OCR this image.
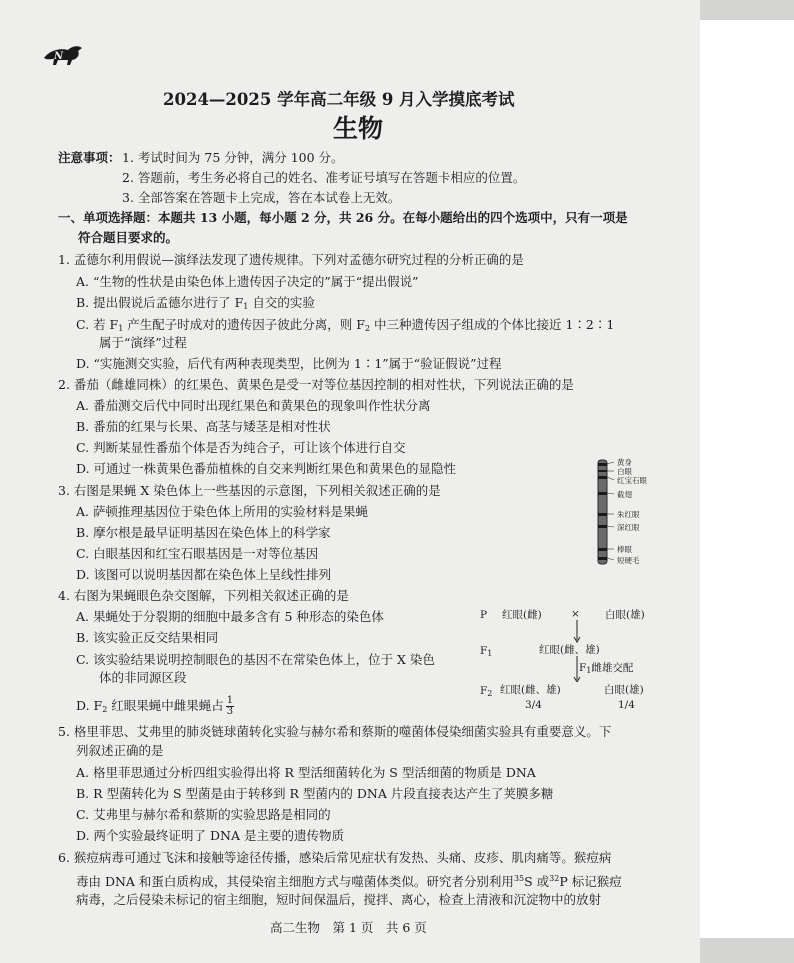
N
2024—2025 学年高二年级 9 月入学摸底考试
生物
注意事项： 1. 考试时间为 75 分钟，满分 100 分。
2. 答题前，考生务必将自己的姓名、准考证号填写在答题卡相应的位置。
3. 全部答案在答题卡上完成，答在本试卷上无效。
一、单项选择题：本题共 13 小题，每小题 2 分，共 26 分。在每小题给出的四个选项中，只有一项是
符合题目要求的。
1. 孟德尔利用假说—演绎法发现了遗传规律。下列对孟德尔研究过程的分析正确的是
A. “生物的性状是由染色体上遗传因子决定的”属于“提出假说”
B. 提出假说后孟德尔进行了 $F_1$ 自交的实验
C. 若 $F_1$ 产生配子时成对的遗传因子彼此分离，则 $F_2$ 中三种遗传因子组成的个体比接近 1∶2∶1
属于“演绎”过程
D. “实施测交实验，后代有两种表现类型，比例为 1∶1”属于“验证假说”过程
2. 番茄（雌雄同株）的红果色、黄果色是受一对等位基因控制的相对性状，下列说法正确的是
A. 番茄测交后代中同时出现红果色和黄果色的现象叫作性状分离
B. 番茄的红果与长果、高茎与矮茎是相对性状
C. 判断某显性番茄个体是否为纯合子，可让该个体进行自交
D. 可通过一株黄果色番茄植株的自交来判断红果色和黄果色的显隐性
3. 右图是果蝇 X 染色体上一些基因的示意图，下列相关叙述正确的是
A. 萨顿推理基因位于染色体上所用的实验材料是果蝇
B. 摩尔根是最早证明基因在染色体上的科学家
C. 白眼基因和红宝石眼基因是一对等位基因
D. 该图可以说明基因都在染色体上呈线性排列
黄身
白眼
红宝石眼
截翅
朱红眼
深红眼
棒眼
短硬毛
4. 右图为果蝇眼色杂交图解，下列相关叙述正确的是
A. 果蝇处于分裂期的细胞中最多含有 5 种形态的染色体
B. 该实验正反交结果相同
C. 该实验结果说明控制眼色的基因不在常染色体上，位于 X 染色
体的非同源区段
D. $F_2$ 红眼果蝇中雌果蝇占 $\frac{1}{3}$
P 红眼(雌)	× 白眼(雄)
$F_1$	红眼(雌、雄)
$F_1$雌雄交配
$F_2$ 红眼(雌、雄)	白眼(雄)
3/4	1/4
5. 格里菲思、艾弗里的肺炎链球菌转化实验与赫尔希和蔡斯的噬菌体侵染细菌实验具有重要意义。下
列叙述正确的是
A. 格里菲思通过分析四组实验得出将 R 型活细菌转化为 S 型活细菌的物质是 DNA
B. R 型菌转化为 S 型菌是由于转移到 R 型菌内的 DNA 片段直接表达产生了荚膜多糖
C. 艾弗里与赫尔希和蔡斯的实验思路是相同的
D. 两个实验最终证明了 DNA 是主要的遗传物质
6. 猴痘病毒可通过飞沫和接触等途径传播，感染后常见症状有发热、头痛、皮疹、肌肉痛等。猴痘病
毒由 DNA 和蛋白质构成，其侵染宿主细胞方式与噬菌体类似。研究者分别利用$^{35}$S 或$^{32}$P 标记猴痘
病毒，之后侵染未标记的宿主细胞，短时间保温后，搅拌、离心，检查上清液和沉淀物中的放射
高二生物　第 1 页　共 6 页
